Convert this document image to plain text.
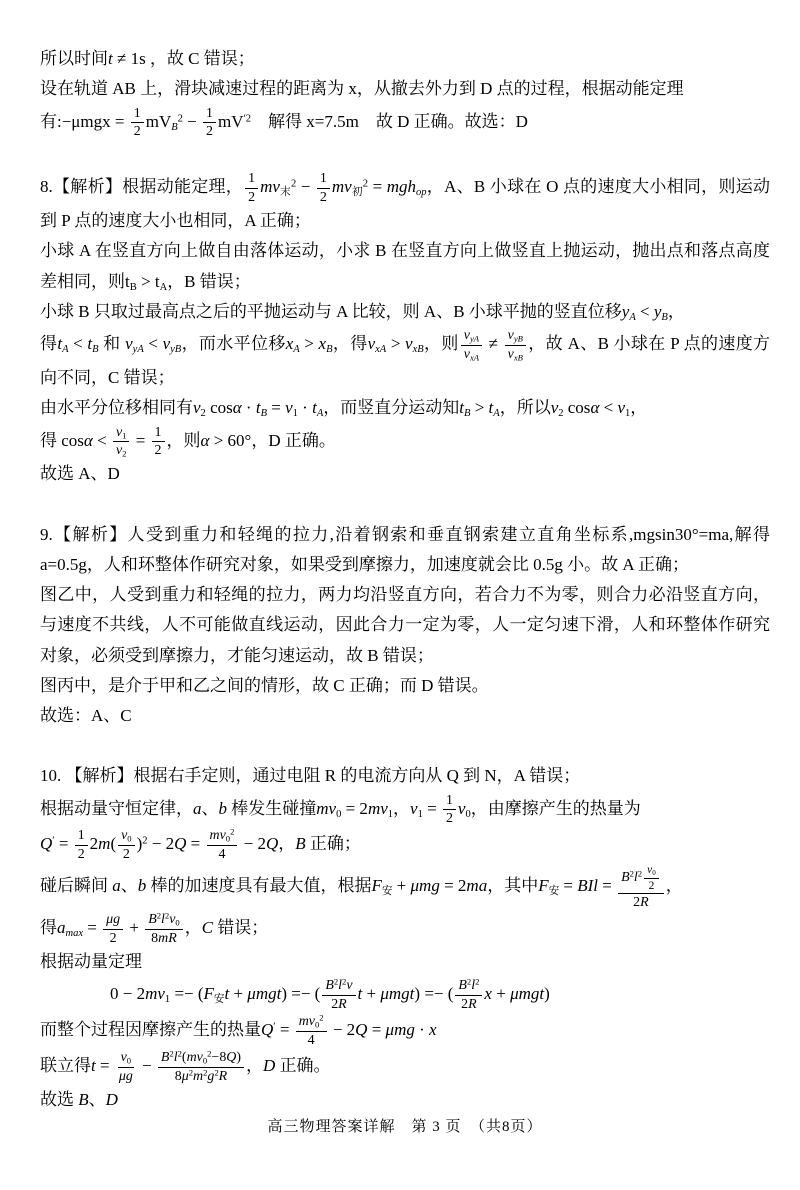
所以时间t ≠ 1s ，故 C 错误；

设在轨道 AB 上，滑块减速过程的距离为 x，从撤去外力到 D 点的过程，根据动能定理

有:−μmgx = $\frac{1}{2} mV_B^2 - \frac{1}{2} mV^{'2}$　解得 x=7.5m　故 D 正确。故选：D

8.【解析】根据动能定理， $\frac{1}{2} mv_末^2 - \frac{1}{2} mv_初^2 = mgh_{op}$，A、B 小球在 O 点的速度大小相同，则运动到 P 点的速度大小也相同，A 正确；

小球 A 在竖直方向上做自由落体运动，小求 B 在竖直方向上做竖直上抛运动，抛出点和落点高度差相同，则$t_B > t_A$，B 错误；

小球 B 只取过最高点之后的平抛运动与 A 比较，则 A、B 小球平抛的竖直位移$y_A < y_B$，

得$t_A < t_B$ 和 $v_{yA} < v_{yB}$，而水平位移$x_A > x_B$，得$v_{xA} > v_{xB}$，则 $v_{yA}$
$v_{xA}$
≠ $v_{yB}$
$v_{xB}$
，故 A、B 小球在 P 点的速度方向不同，C 错误；

由水平分位移相同有$v_2$ $\cos\alpha \cdot t_B = v_1 \cdot t_A$，而竖直分运动知$t_B > t_A$，所以$v_2$ $\cos\alpha < v_1$，

得 $\cos\alpha < \frac{v_1}{v_2} = \frac{1}{2}$ ，则α > 60°，D 正确。

故选 A、D

9.【解析】人受到重力和轻绳的拉力,沿着钢索和垂直钢索建立直角坐标系,mgsin30°=ma,解得 a=0.5g，人和环整体作研究对象，如果受到摩擦力，加速度就会比 0.5g 小。故 A 正确；

图乙中，人受到重力和轻绳的拉力，两力均沿竖直方向，若合力不为零，则合力必沿竖直方向，与速度不共线，人不可能做直线运动，因此合力一定为零，人一定匀速下滑，人和环整体作研究对象，必须受到摩擦力，才能匀速运动，故 B 错误；

图丙中，是介于甲和乙之间的情形，故 C 正确；而 D 错误。

故选：A、C

10. 【解析】根据右手定则，通过电阻 R 的电流方向从 Q 到 N，A 错误；

根据动量守恒定律，a、b 棒发生碰撞$mv_0 = 2mv_1$，$v_1 = \frac{1}{2} v_0$，由摩擦产生的热量为

$Q' = \frac{1}{2} 2m( \frac{v_0}{2} )^2 - 2Q = \frac{mv_0^2}{4} - 2Q$，B 正确；

碰后瞬间 a、b 棒的加速度具有最大值，根据$F_安 + \mu mg = 2ma$，其中$F_安$ = BIl = $\frac{B^2l^2 \frac{v_0}{2}}{2R}$ ，

得$a_{max} = \frac{\mu g}{2} + \frac{B^2l^2v_0}{8mR}$ ，C 错误；

根据动量定理

$0 - 2mv_1 =- (F_安t + \mu mgt)$ =− ( $\frac{B^2l^2v}{2R}$ t + μmgt) =− ( $\frac{B^2l^2}{2R}$ x + μmgt)

而整个过程因摩擦产生的热量$Q' = \frac{mv_0^2}{4} - 2Q = \mu mg \cdot x$

联立得$t = \frac{v_0}{\mu g} - \frac{B^2l^2(mv_0^2-8Q)}{8\mu^2m^2g^2R}$ ，D 正确。

故选 B、D

高三物理答案详解　第 3 页　（共8页）
